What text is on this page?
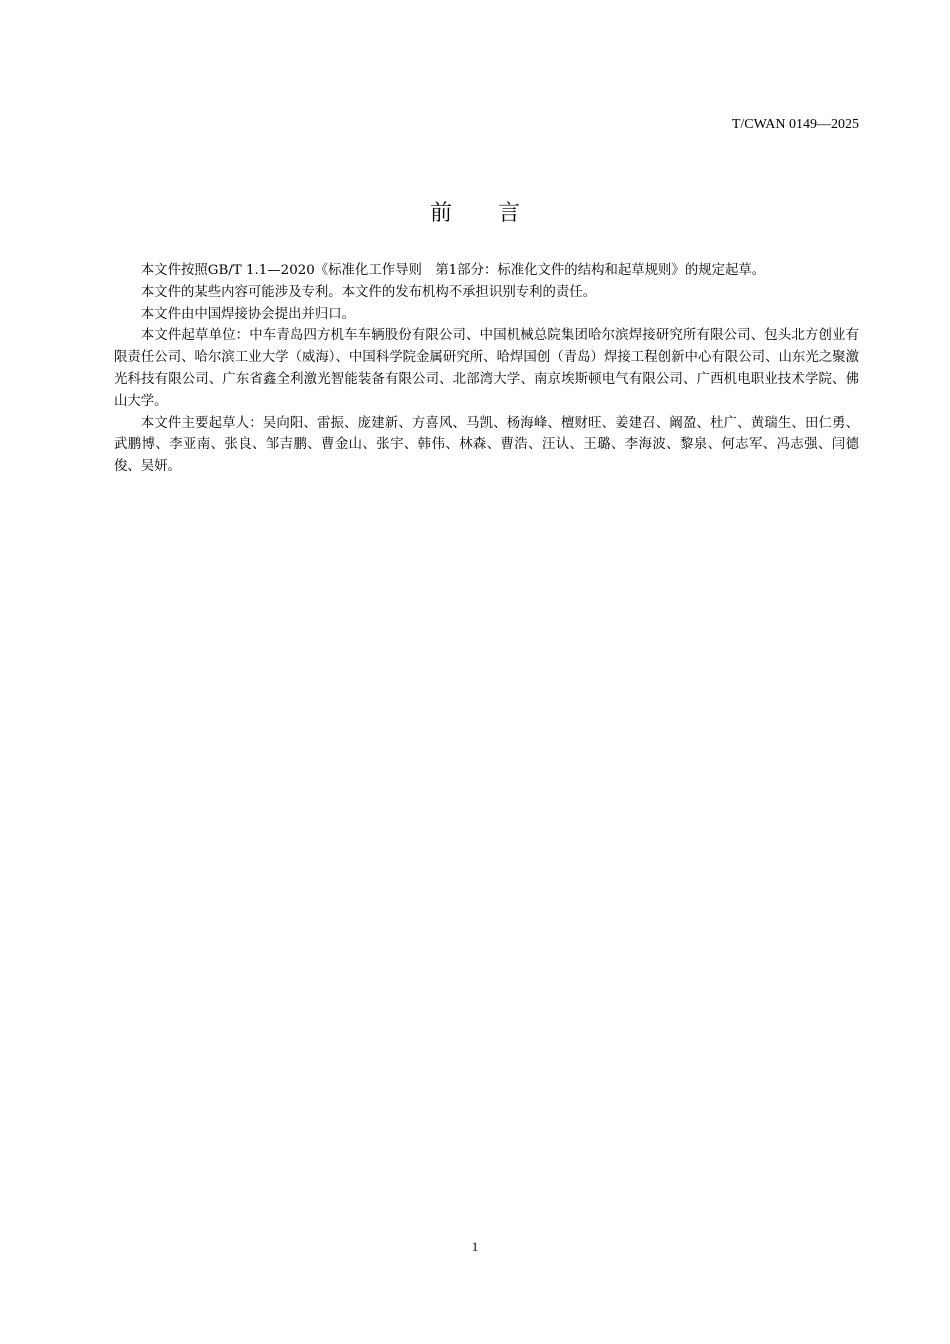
T/CWAN 0149—2025
前言

本文件按照GB/T 1.1—2020《标准化工作导则　第1部分：标准化文件的结构和起草规则》的规定起草。

本文件的某些内容可能涉及专利。本文件的发布机构不承担识别专利的责任。

本文件由中国焊接协会提出并归口。

本文件起草单位：中车青岛四方机车车辆股份有限公司、中国机械总院集团哈尔滨焊接研究所有限公司、包头北方创业有限责任公司、哈尔滨工业大学（威海）、中国科学院金属研究所、哈焊国创（青岛）焊接工程创新中心有限公司、山东光之聚激光科技有限公司、广东省鑫全利激光智能装备有限公司、北部湾大学、南京埃斯顿电气有限公司、广西机电职业技术学院、佛山大学。

本文件主要起草人：吴向阳、雷振、庞建新、方喜风、马凯、杨海峰、檀财旺、姜建召、阚盈、杜广、黄瑞生、田仁勇、武鹏博、李亚南、张良、邹吉鹏、曹金山、张宇、韩伟、林森、曹浩、汪认、王璐、李海波、黎泉、何志军、冯志强、闫德俊、吴妍。

1
